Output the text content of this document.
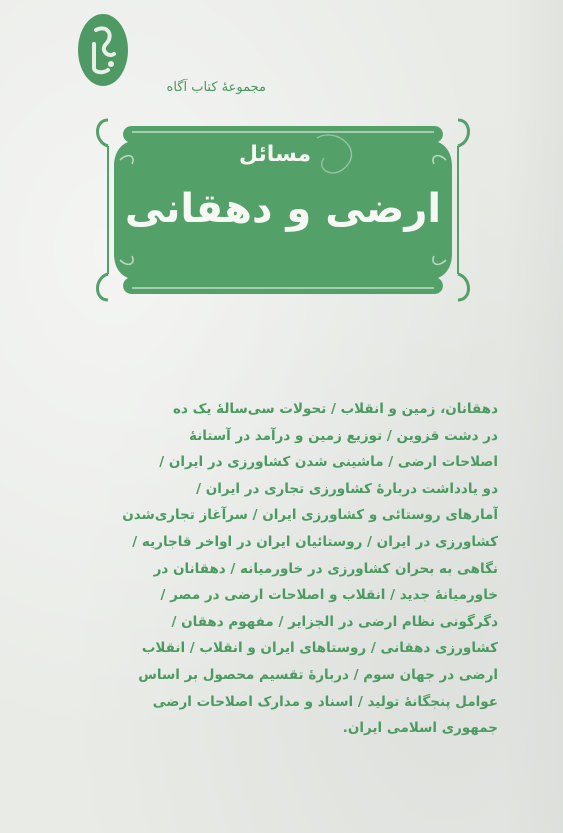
مجموعهٔ کتاب آگاه
مسائل
ارضی و دهقانی
دهقانان، زمین و انقلاب / تحولات سی‌سالهٔ یک ده
در دشت قزوین / توزیع زمین و درآمد در آستانهٔ
اصلاحات ارضی / ماشینی شدن کشاورزی در ایران /
دو یادداشت دربارهٔ کشاورزی تجاری در ایران /
آمارهای روستائی و کشاورزی ایران / سرآغاز تجاری‌شدن
کشاورزی در ایران / روستائیان ایران در اواخر قاجاریه /
نگاهی به بحران کشاورزی در خاورمیانه / دهقانان در
خاورمیانهٔ جدید / انقلاب و اصلاحات ارضی در مصر /
دگرگونی نظام ارضی در الجزایر / مفهوم دهقان /
کشاورزی دهقانی / روستاهای ایران و انقلاب / انقلاب
ارضی در جهان سوم / دربارهٔ تقسیم محصول بر اساس
عوامل پنجگانهٔ تولید / اسناد و مدارک اصلاحات ارضی
جمهوری اسلامی ایران.
